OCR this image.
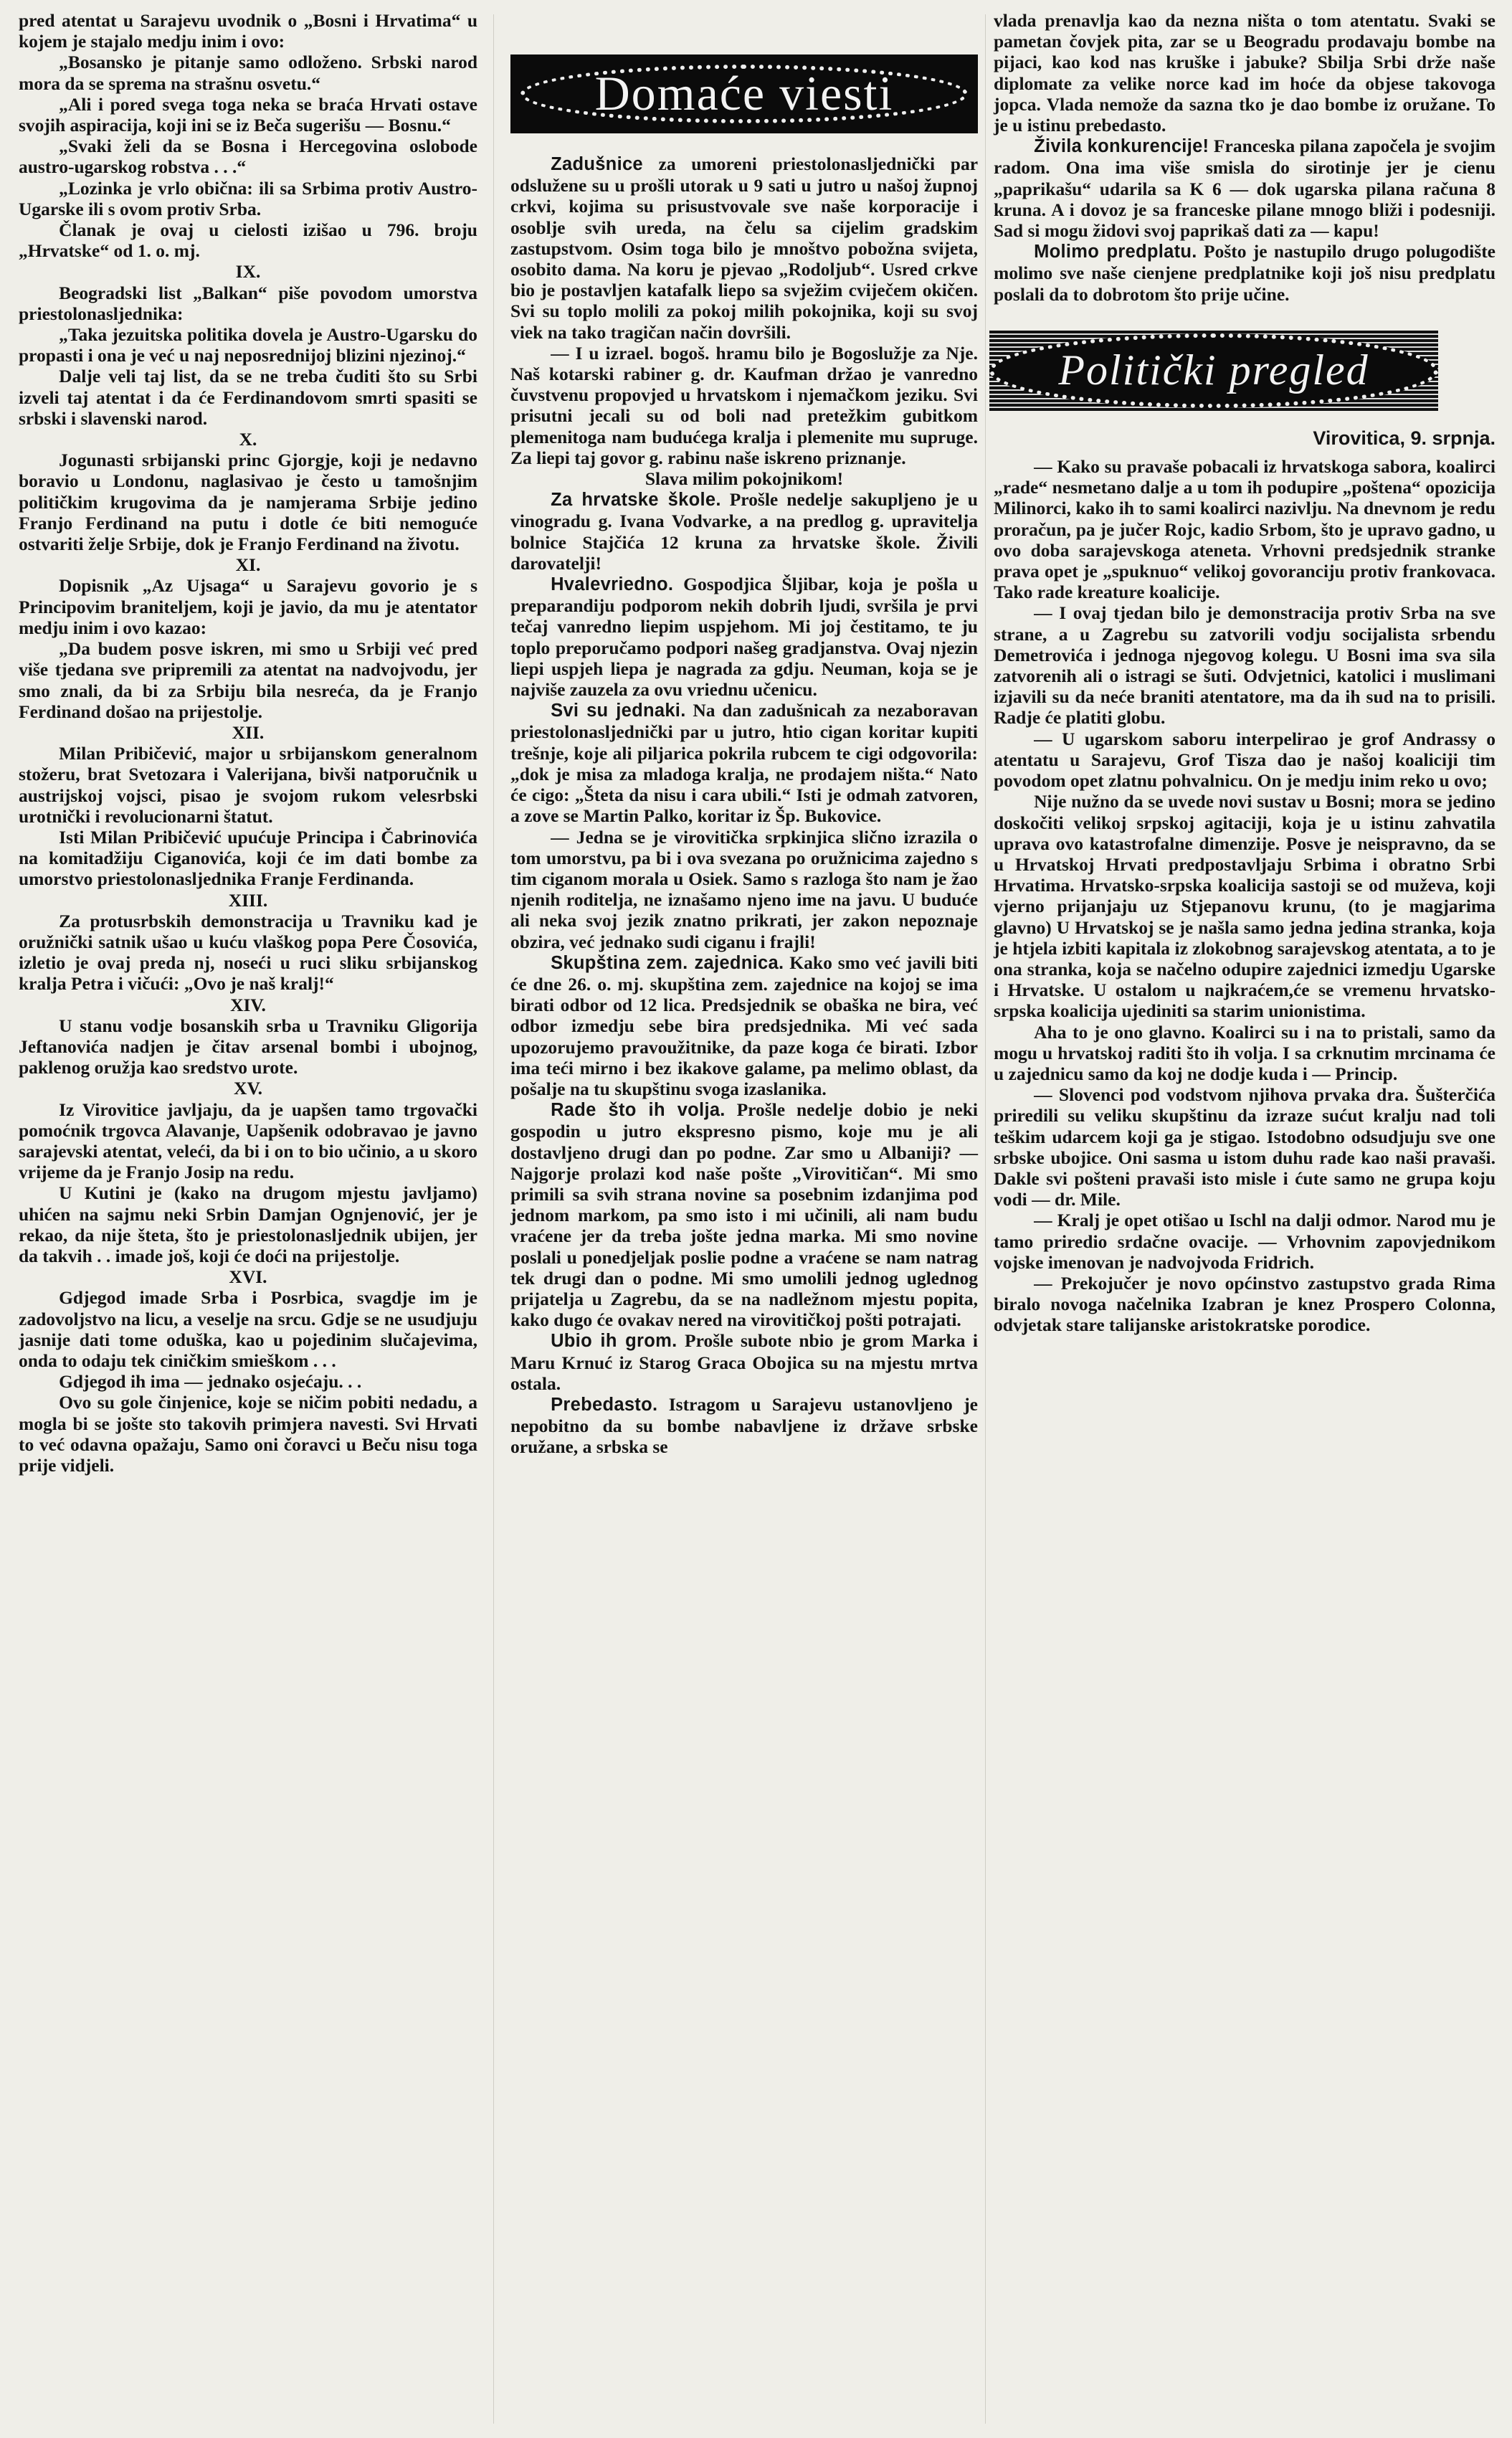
pred atentat u Sarajevu uvodnik o „Bosni i Hrvatima“ u kojem je stajalo medju inim i ovo:

„Bosansko je pitanje samo odloženo. Srbski narod mora da se sprema na strašnu osvetu.“

„Ali i pored svega toga neka se braća Hrvati ostave svojih aspiracija, koji ini se iz Beča sugerišu — Bosnu.“

„Svaki želi da se Bosna i Hercegovina oslobode austro-ugarskog robstva . . .“

„Lozinka je vrlo obična: ili sa Srbima protiv Austro-Ugarske ili s ovom protiv Srba.

Članak je ovaj u cielosti izišao u 796. broju „Hrvatske“ od 1. o. mj.

IX.

Beogradski list „Balkan“ piše povodom umorstva priestolonasljednika:

„Taka jezuitska politika dovela je Austro-Ugarsku do propasti i ona je već u naj neposrednijoj blizini njezinoj.“

Dalje veli taj list, da se ne treba čuditi što su Srbi izveli taj atentat i da će Ferdinandovom smrti spasiti se srbski i slavenski narod.

X.

Jogunasti srbijanski princ Gjorgje, koji je nedavno boravio u Londonu, naglasivao je često u tamošnjim političkim krugovima da je namjerama Srbije jedino Franjo Ferdinand na putu i dotle će biti nemoguće ostvariti želje Srbije, dok je Franjo Ferdinand na životu.

XI.

Dopisnik „Az Ujsaga“ u Sarajevu govorio je s Principovim braniteljem, koji je javio, da mu je atentator medju inim i ovo kazao:

„Da budem posve iskren, mi smo u Srbiji već pred više tjedana sve pripremili za atentat na nadvojvodu, jer smo znali, da bi za Srbiju bila nesreća, da je Franjo Ferdinand došao na prijestolje.

XII.

Milan Pribičević, major u srbijanskom generalnom stožeru, brat Svetozara i Valerijana, bivši natporučnik u austrijskoj vojsci, pisao je svojom rukom velesrbski urotnički i revolucionarni štatut.

Isti Milan Pribičević upućuje Principa i Čabrinovića na komitadžiju Ciganovića, koji će im dati bombe za umorstvo priestolonasljednika Franje Ferdinanda.

XIII.

Za protusrbskih demonstracija u Travniku kad je oružnički satnik ušao u kuću vlaškog popa Pere Čosovića, izletio je ovaj preda nj, noseći u ruci sliku srbijanskog kralja Petra i vičući: „Ovo je naš kralj!“

XIV.

U stanu vodje bosanskih srba u Travniku Gligorija Jeftanovića nadjen je čitav arsenal bombi i ubojnog, paklenog oružja kao sredstvo urote.

XV.

Iz Virovitice javljaju, da je uapšen tamo trgovački pomoćnik trgovca Alavanje, Uapšenik odobravao je javno sarajevski atentat, veleći, da bi i on to bio učinio, a u skoro vrijeme da je Franjo Josip na redu.

U Kutini je (kako na drugom mjestu javljamo) uhićen na sajmu neki Srbin Damjan Ognjenović, jer je rekao, da nije šteta, što je priestolonasljednik ubijen, jer da takvih . . imade još, koji će doći na prijestolje.

XVI.

Gdjegod imade Srba i Posrbica, svagdje im je zadovoljstvo na licu, a veselje na srcu. Gdje se ne usudjuju jasnije dati tome oduška, kao u pojedinim slučajevima, onda to odaju tek ciničkim smieškom . . .

Gdjegod ih ima — jednako osjećaju. . .

Ovo su gole činjenice, koje se ničim pobiti nedadu, a mogla bi se jošte sto takovih primjera navesti. Svi Hrvati to već odavna opažaju, Samo oni čoravci u Beču nisu toga prije vidjeli.

Domaće viesti

Zadušnice za umoreni priestolonasljednički par odslužene su u prošli utorak u 9 sati u jutro u našoj župnoj crkvi, kojima su prisustvovale sve naše korporacije i osoblje svih ureda, na čelu sa cijelim gradskim zastupstvom. Osim toga bilo je mnoštvo pobožna svijeta, osobito dama. Na koru je pjevao „Rodoljub“. Usred crkve bio je postavljen katafalk liepo sa svježim cviječem okičen. Svi su toplo molili za pokoj milih pokojnika, koji su svoj viek na tako tragičan način dovršili.

— I u izrael. bogoš. hramu bilo je Bogoslužje za Nje. Naš kotarski rabiner g. dr. Kaufman držao je vanredno čuvstvenu propovjed u hrvatskom i njemačkom jeziku. Svi prisutni jecali su od boli nad pretežkim gubitkom plemenitoga nam budućega kralja i plemenite mu supruge. Za liepi taj govor g. rabinu naše iskreno priznanje.

Slava milim pokojnikom!

Za hrvatske škole. Prošle nedelje sakupljeno je u vinogradu g. Ivana Vodvarke, a na predlog g. upravitelja bolnice Stajčića 12 kruna za hrvatske škole. Živili darovatelji!

Hvalevriedno. Gospodjica Šljibar, koja je pošla u preparandiju podporom nekih dobrih ljudi, svršila je prvi tečaj vanredno liepim uspjehom. Mi joj čestitamo, te ju toplo preporučamo podpori našeg gradjanstva. Ovaj njezin liepi uspjeh liepa je nagrada za gdju. Neuman, koja se je najviše zauzela za ovu vriednu učenicu.

Svi su jednaki. Na dan zadušnicah za nezaboravan priestolonasljednički par u jutro, htio cigan koritar kupiti trešnje, koje ali piljarica pokrila rubcem te cigi odgovorila: „dok je misa za mladoga kralja, ne prodajem ništa.“ Nato će cigo: „Šteta da nisu i cara ubili.“ Isti je odmah zatvoren, a zove se Martin Palko, koritar iz Šp. Bukovice.

— Jedna se je virovitička srpkinjica slično izrazila o tom umorstvu, pa bi i ova svezana po oružnicima zajedno s tim ciganom morala u Osiek. Samo s razloga što nam je žao njenih roditelja, ne iznašamo njeno ime na javu. U buduće ali neka svoj jezik znatno prikrati, jer zakon nepoznaje obzira, već jednako sudi ciganu i frajli!

Skupština zem. zajednica. Kako smo već javili biti će dne 26. o. mj. skupština zem. zajednice na kojoj se ima birati odbor od 12 lica. Predsjednik se obaška ne bira, već odbor izmedju sebe bira predsjednika. Mi već sada upozorujemo pravoužitnike, da paze koga će birati. Izbor ima teći mirno i bez ikakove galame, pa melimo oblast, da pošalje na tu skupštinu svoga izaslanika.

Rade što ih volja. Prošle nedelje dobio je neki gospodin u jutro ekspresno pismo, koje mu je ali dostavljeno drugi dan po podne. Zar smo u Albaniji? — Najgorje prolazi kod naše pošte „Virovitičan“. Mi smo primili sa svih strana novine sa posebnim izdanjima pod jednom markom, pa smo isto i mi učinili, ali nam budu vraćene jer da treba jošte jedna marka. Mi smo novine poslali u ponedjeljak poslie podne a vraćene se nam natrag tek drugi dan o podne. Mi smo umolili jednog uglednog prijatelja u Zagrebu, da se na nadležnom mjestu popita, kako dugo će ovakav nered na virovitičkoj pošti potrajati.

Ubio ih grom. Prošle subote nbio je grom Marka i Maru Krnuć iz Starog Graca Obojica su na mjestu mrtva ostala.

Prebedasto. Istragom u Sarajevu ustanovljeno je nepobitno da su bombe nabavljene iz države srbske oružane, a srbska se

vlada prenavlja kao da nezna ništa o tom atentatu. Svaki se pametan čovjek pita, zar se u Beogradu prodavaju bombe na pijaci, kao kod nas kruške i jabuke? Sbilja Srbi drže naše diplomate za velike norce kad im hoće da objese takovoga jopca. Vlada nemože da sazna tko je dao bombe iz oružane. To je u istinu prebedasto.

Živila konkurencije! Franceska pilana započela je svojim radom. Ona ima više smisla do sirotinje jer je cienu „paprikašu“ udarila sa K 6 — dok ugarska pilana računa 8 kruna. A i dovoz je sa franceske pilane mnogo bliži i podesniji. Sad si mogu židovi svoj paprikaš dati za — kapu!

Molimo predplatu. Pošto je nastupilo drugo polugodište molimo sve naše cienjene predplatnike koji još nisu predplatu poslali da to dobrotom što prije učine.

Politički pregled

Virovitica, 9. srpnja.

— Kako su pravaše pobacali iz hrvatskoga sabora, koalirci „rade“ nesmetano dalje a u tom ih podupire „poštena“ opozicija Milinorci, kako ih to sami koalirci nazivlju. Na dnevnom je redu proračun, pa je jučer Rojc, kadio Srbom, što je upravo gadno, u ovo doba sarajevskoga ateneta. Vrhovni predsjednik stranke prava opet je „spuknuo“ velikoj govoranciju protiv frankovaca. Tako rade kreature koalicije.

— I ovaj tjedan bilo je demonstracija protiv Srba na sve strane, a u Zagrebu su zatvorili vodju socijalista srbendu Demetrovića i jednoga njegovog kolegu. U Bosni ima sva sila zatvorenih ali o istragi se šuti. Odvjetnici, katolici i muslimani izjavili su da neće braniti atentatore, ma da ih sud na to prisili. Radje će platiti globu.

— U ugarskom saboru interpelirao je grof Andrassy o atentatu u Sarajevu, Grof Tisza dao je našoj koaliciji tim povodom opet zlatnu pohvalnicu. On je medju inim reko u ovo;

Nije nužno da se uvede novi sustav u Bosni; mora se jedino doskočiti velikoj srpskoj agitaciji, koja je u istinu zahvatila uprava ovo katastrofalne dimenzije. Posve je neispravno, da se u Hrvatskoj Hrvati predpostavljaju Srbima i obratno Srbi Hrvatima. Hrvatsko-srpska koalicija sastoji se od muževa, koji vjerno prijanjaju uz Stjepanovu krunu, (to je magjarima glavno) U Hrvatskoj se je našla samo jedna jedina stranka, koja je htjela izbiti kapitala iz zlokobnog sarajevskog atentata, a to je ona stranka, koja se načelno odupire zajednici izmedju Ugarske i Hrvatske. U ostalom u najkraćem,će se vremenu hrvatsko-srpska koalicija ujediniti sa starim unionistima.

Aha to je ono glavno. Koalirci su i na to pristali, samo da mogu u hrvatskoj raditi što ih volja. I sa crknutim mrcinama će u zajednicu samo da koj ne dodje kuda i — Princip.

— Slovenci pod vodstvom njihova prvaka dra. Šušterčića priredili su veliku skupštinu da izraze sućut kralju nad toli teškim udarcem koji ga je stigao. Istodobno odsudjuju sve one srbske ubojice. Oni sasma u istom duhu rade kao naši pravaši. Dakle svi pošteni pravaši isto misle i ćute samo ne grupa koju vodi — dr. Mile.

— Kralj je opet otišao u Ischl na dalji odmor. Narod mu je tamo priredio srdačne ovacije. — Vrhovnim zapovjednikom vojske imenovan je nadvojvoda Fridrich.

— Prekojučer je novo općinstvo zastupstvo grada Rima biralo novoga načelnika Izabran je knez Prospero Colonna, odvjetak stare talijanske aristokratske porodice.
